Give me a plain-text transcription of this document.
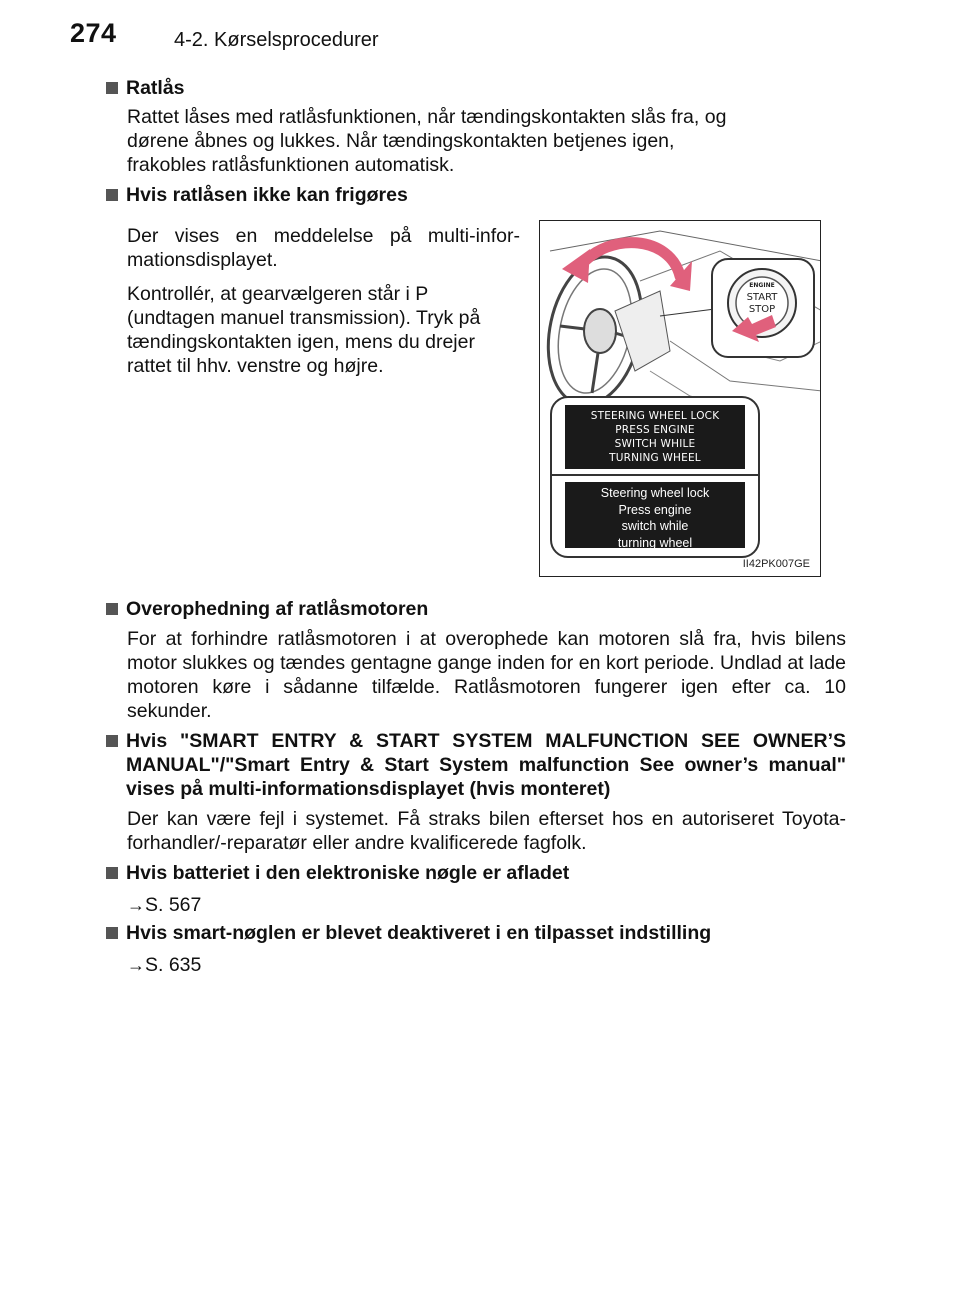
274	4-2. Kørselsprocedurer
Ratlås
Rattet låses med ratlåsfunktionen, når tændingskontakten slås fra, og dørene åbnes og lukkes. Når tændingskontakten betjenes igen, frakobles ratlåsfunktionen automatisk.
Hvis ratlåsen ikke kan frigøres
Der vises en meddelelse på multi-infor-mationsdisplayet.
Kontrollér, at gearvælgeren står i P (undtagen manuel transmission). Tryk på tændingskontakten igen, mens du drejer rattet til hhv. venstre og højre.
ENGINE
START
STOP
STEERING WHEEL LOCK
PRESS ENGINE
SWITCH WHILE
TURNING WHEEL
Steering wheel lock
Press engine
switch while
turning wheel
II42PK007GE
Overophedning af ratlåsmotoren
For at forhindre ratlåsmotoren i at overophede kan motoren slå fra, hvis bilens motor slukkes og tændes gentagne gange inden for en kort periode. Undlad at lade motoren køre i sådanne tilfælde. Ratlåsmotoren fungerer igen efter ca. 10 sekunder.
Hvis "SMART ENTRY & START SYSTEM MALFUNCTION SEE OWNER’S MANUAL"/"Smart Entry & Start System malfunction See owner’s manual" vises på multi-informationsdisplayet (hvis monteret)
Der kan være fejl i systemet. Få straks bilen efterset hos en autoriseret Toyota-forhandler/-reparatør eller andre kvalificerede fagfolk.
Hvis batteriet i den elektroniske nøgle er afladet
→S. 567
Hvis smart-nøglen er blevet deaktiveret i en tilpasset indstilling
→S. 635
